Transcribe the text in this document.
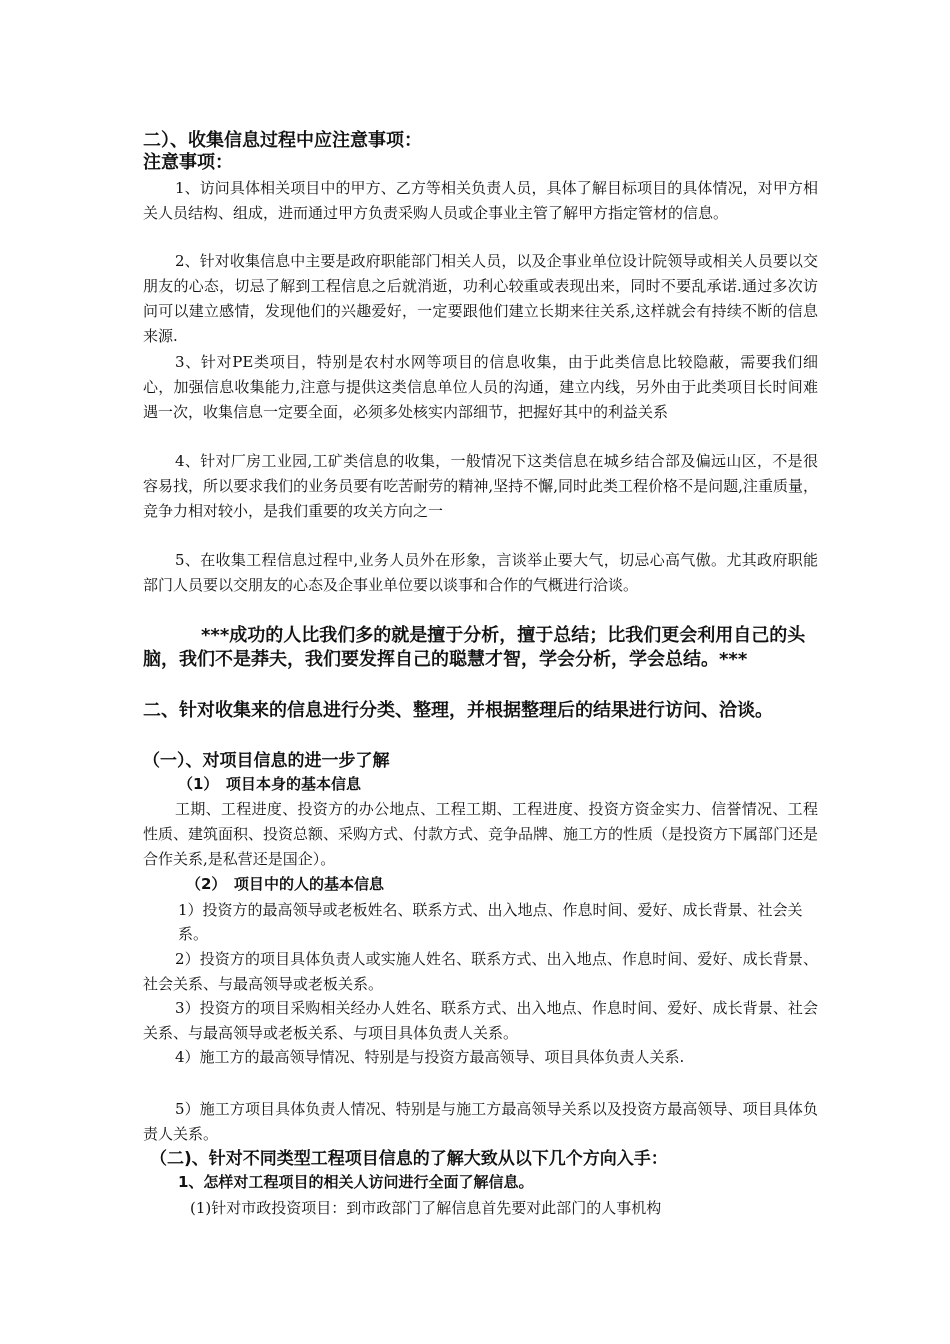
二）、收集信息过程中应注意事项：

注意事项：

1、访问具体相关项目中的甲方、乙方等相关负责人员，具体了解目标项目的具体情况，对甲方相关人员结构、组成，进而通过甲方负责采购人员或企事业主管了解甲方指定管材的信息。

2、针对收集信息中主要是政府职能部门相关人员，以及企事业单位设计院领导或相关人员要以交朋友的心态，切忌了解到工程信息之后就消逝，功利心较重或表现出来，同时不要乱承诺.通过多次访问可以建立感情，发现他们的兴趣爱好，一定要跟他们建立长期来往关系,这样就会有持续不断的信息来源.

3、针对PE类项目，特别是农村水网等项目的信息收集，由于此类信息比较隐蔽，需要我们细心，加强信息收集能力,注意与提供这类信息单位人员的沟通，建立内线，另外由于此类项目长时间难遇一次，收集信息一定要全面，必须多处核实内部细节，把握好其中的利益关系

4、针对厂房工业园,工矿类信息的收集，一般情况下这类信息在城乡结合部及偏远山区，不是很容易找，所以要求我们的业务员要有吃苦耐劳的精神,坚持不懈,同时此类工程价格不是问题,注重质量，竞争力相对较小，是我们重要的攻关方向之一

5、在收集工程信息过程中,业务人员外在形象，言谈举止要大气，切忌心高气傲。尤其政府职能部门人员要以交朋友的心态及企事业单位要以谈事和合作的气概进行洽谈。

***成功的人比我们多的就是擅于分析，擅于总结；比我们更会利用自己的头脑，我们不是莽夫，我们要发挥自己的聪慧才智，学会分析，学会总结。***

二、针对收集来的信息进行分类、整理，并根据整理后的结果进行访问、洽谈。

（一）、对项目信息的进一步了解

（1）　项目本身的基本信息

工期、工程进度、投资方的办公地点、工程工期、工程进度、投资方资金实力、信誉情况、工程性质、建筑面积、投资总额、采购方式、付款方式、竞争品牌、施工方的性质（是投资方下属部门还是合作关系,是私营还是国企）。

（2）　项目中的人的基本信息

1）投资方的最高领导或老板姓名、联系方式、出入地点、作息时间、爱好、成长背景、社会关系。

2）投资方的项目具体负责人或实施人姓名、联系方式、出入地点、作息时间、爱好、成长背景、社会关系、与最高领导或老板关系。

3）投资方的项目采购相关经办人姓名、联系方式、出入地点、作息时间、爱好、成长背景、社会关系、与最高领导或老板关系、与项目具体负责人关系。

4）施工方的最高领导情况、特别是与投资方最高领导、项目具体负责人关系.

5）施工方项目具体负责人情况、特别是与施工方最高领导关系以及投资方最高领导、项目具体负责人关系。

（二)、针对不同类型工程项目信息的了解大致从以下几个方向入手：

1、怎样对工程项目的相关人访问进行全面了解信息。

(1)针对市政投资项目：到市政部门了解信息首先要对此部门的人事机构
